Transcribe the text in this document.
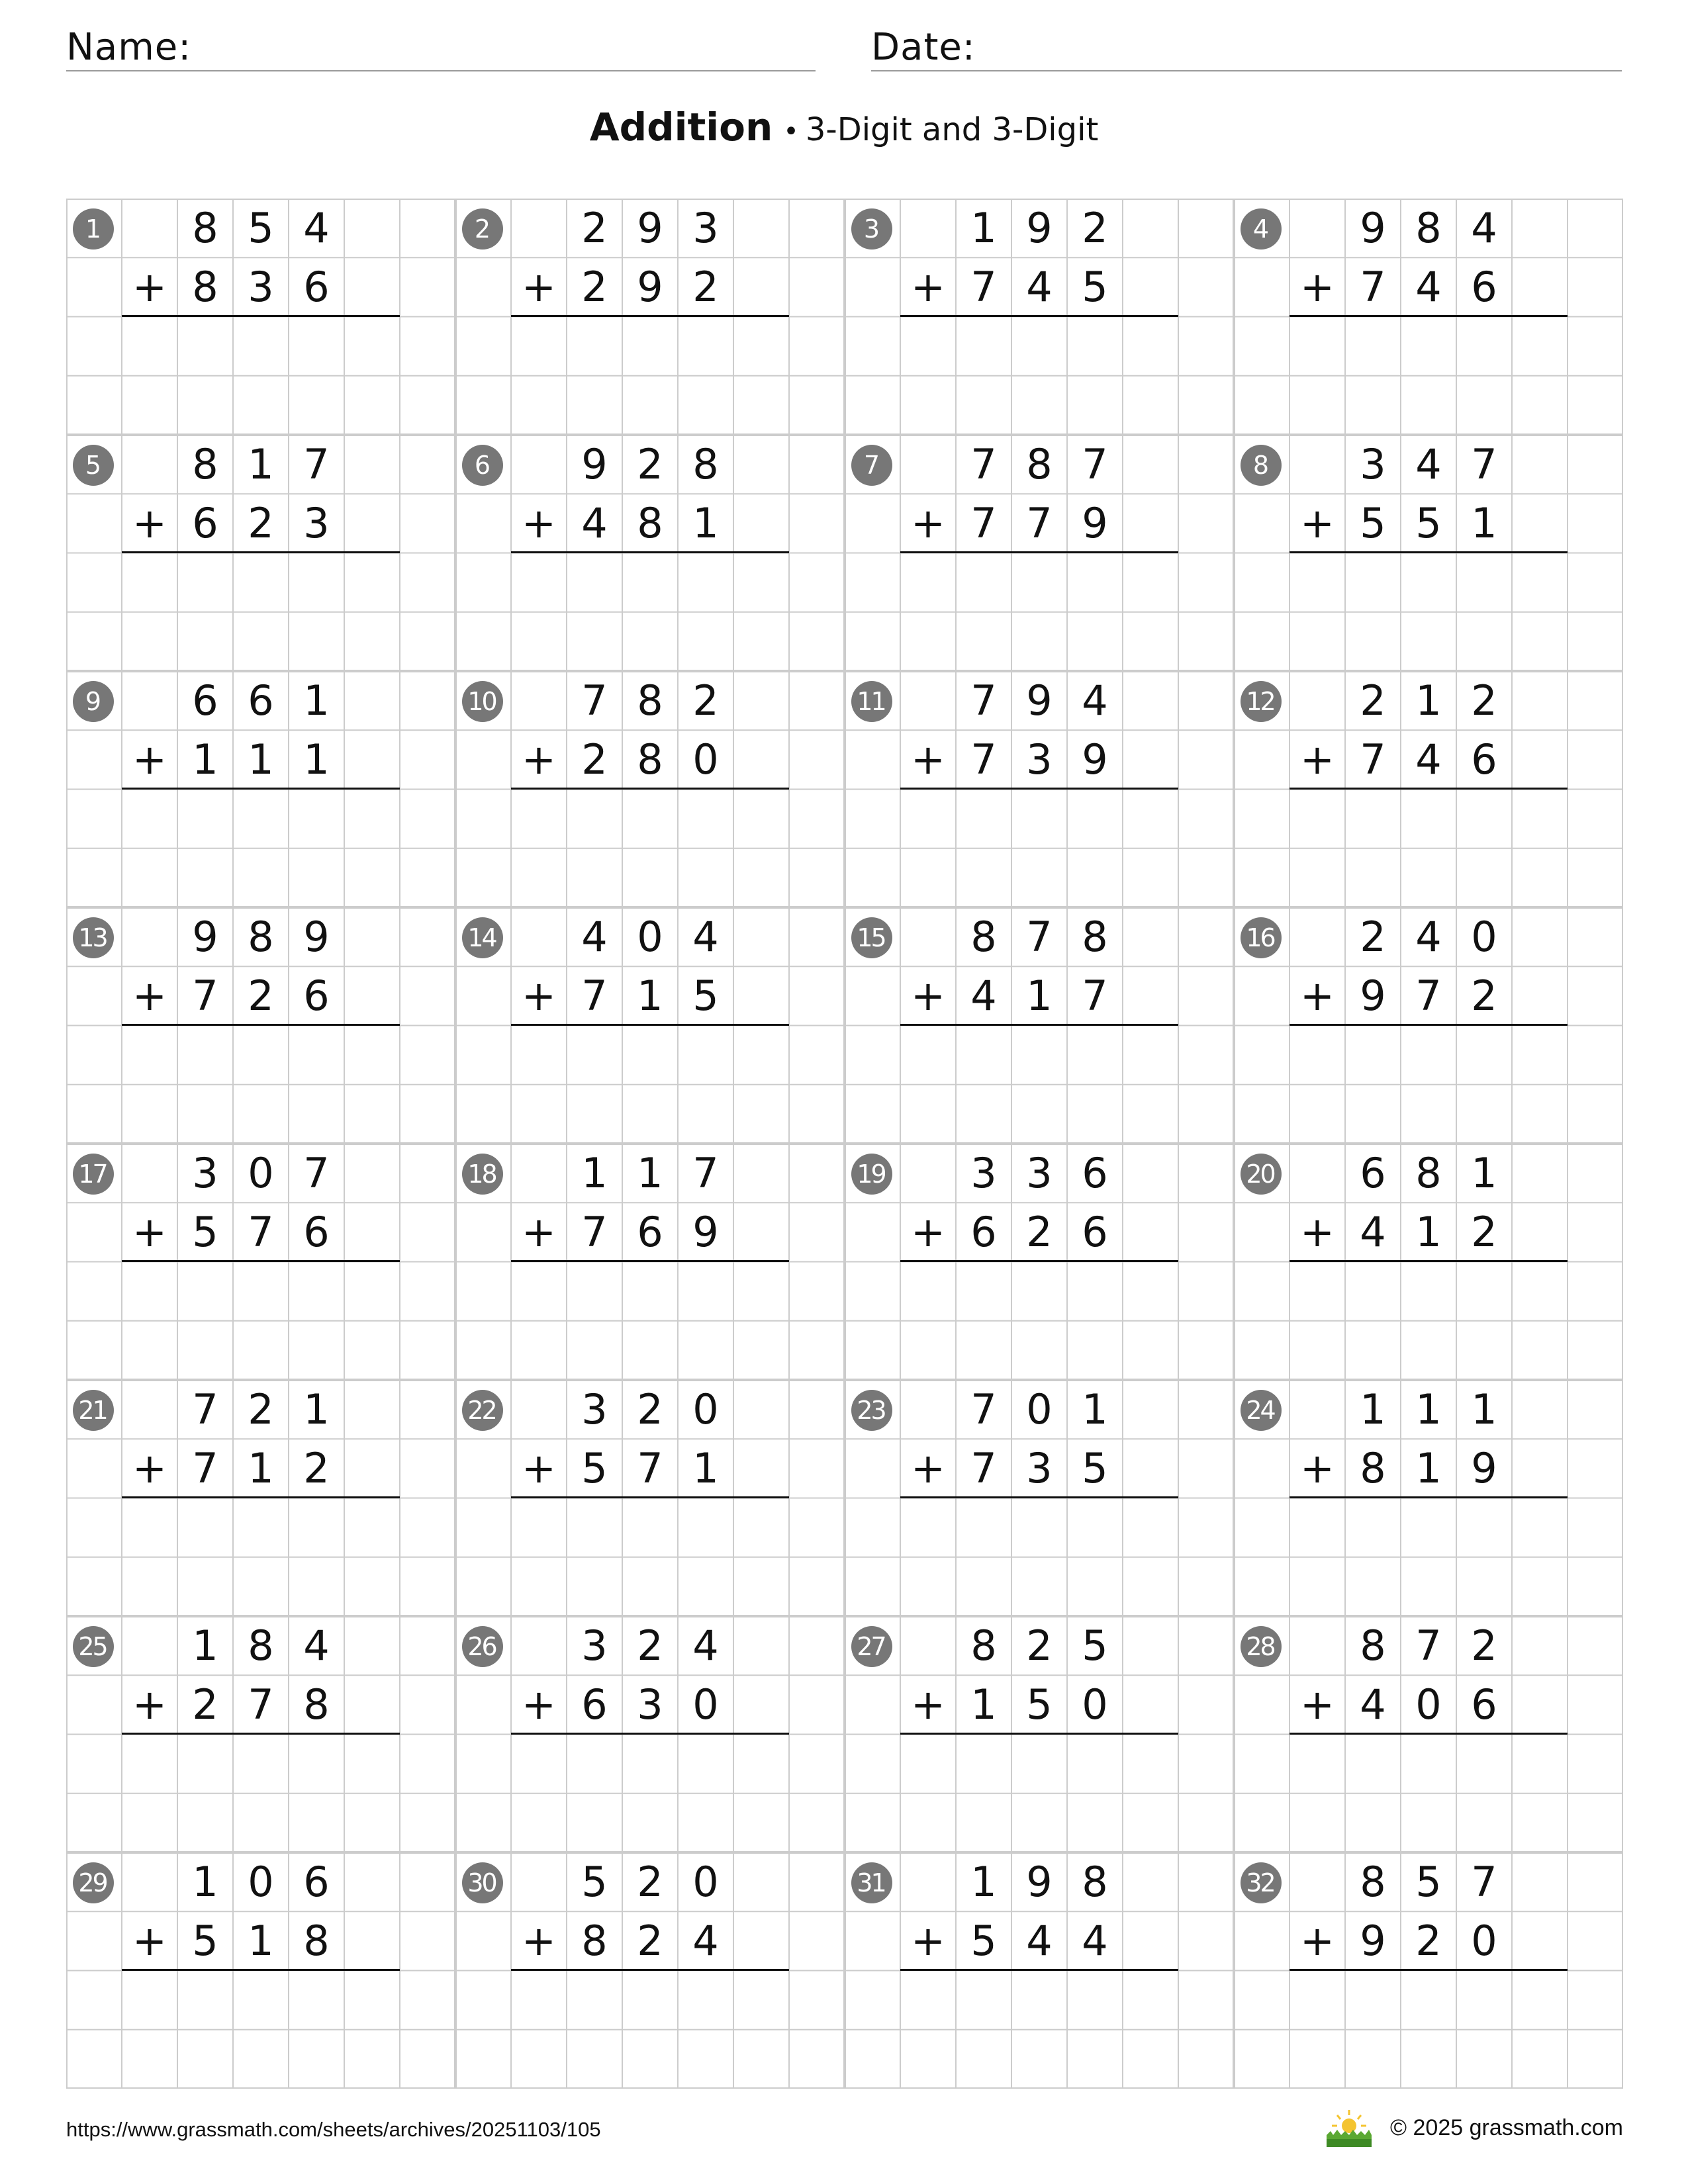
Name:	Date:
Addition • 3-Digit and 3-Digit
1	8 5 4
8 3 6
+
2	2 9 3
2 9 2
+
3	1 9 2
7 4 5
+
4	9 8 4
7 4 6
+
5	8 1 7
6 2 3
+
6	9 2 8
4 8 1
+
7	7 8 7
7 7 9
+
8	3 4 7
5 5 1
+
9	6 6 1
1 1 1
+
10	7 8 2
2 8 0
+
11	7 9 4
7 3 9
+
12	2 1 2
7 4 6
+
13	9 8 9
7 2 6
+
14	4 0 4
7 1 5
+
15	8 7 8
4 1 7
+
16	2 4 0
9 7 2
+
17	3 0 7
5 7 6
+
18	1 1 7
7 6 9
+
19	3 3 6
6 2 6
+
20	6 8 1
4 1 2
+
21	7 2 1
7 1 2
+
22	3 2 0
5 7 1
+
23	7 0 1
7 3 5
+
24	1 1 1
8 1 9
+
25	1 8 4
2 7 8
+
26	3 2 4
6 3 0
+
27	8 2 5
1 5 0
+
28	8 7 2
4 0 6
+
29	1 0 6
5 1 8
+
30	5 2 0
8 2 4
+
31	1 9 8
5 4 4
+
32	8 5 7
9 2 0
+
https://www.grassmath.com/sheets/archives/20251103/105	© 2025 grassmath.com
